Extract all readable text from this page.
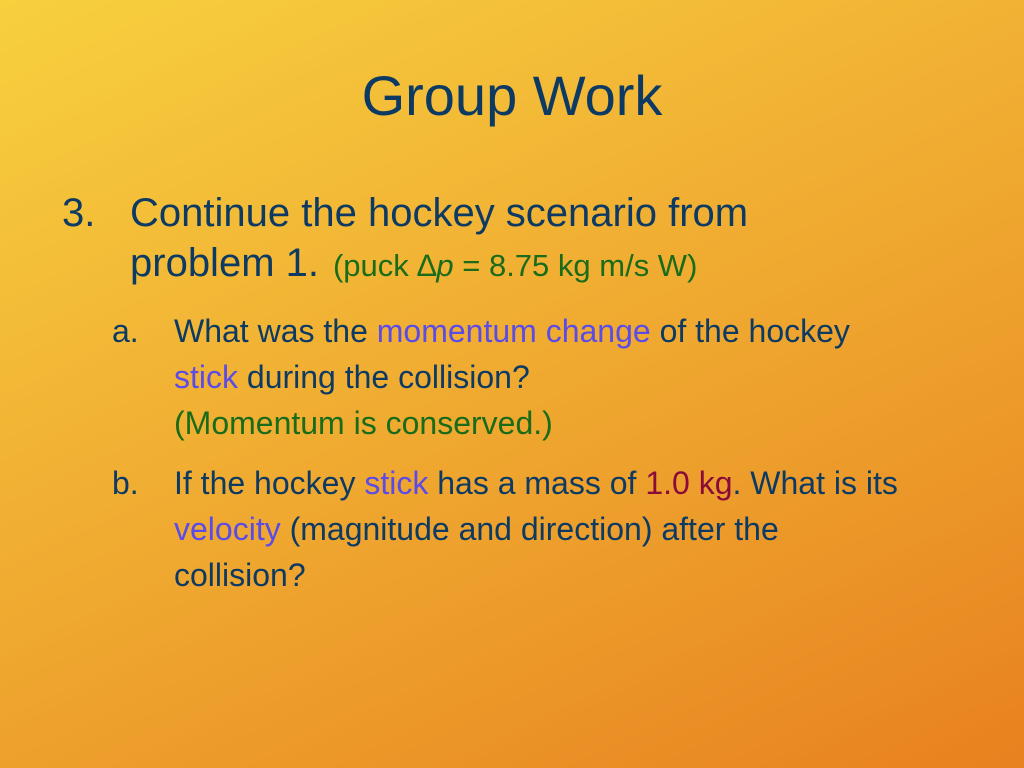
Group Work
3. Continue the hockey scenario from
problem 1. (puck ∆p = 8.75 kg m/s W)
a. What was the momentum change of the hockey stick during the collision?
(Momentum is conserved.)
b. If the hockey stick has a mass of 1.0 kg. What is its velocity (magnitude and direction) after the collision?
